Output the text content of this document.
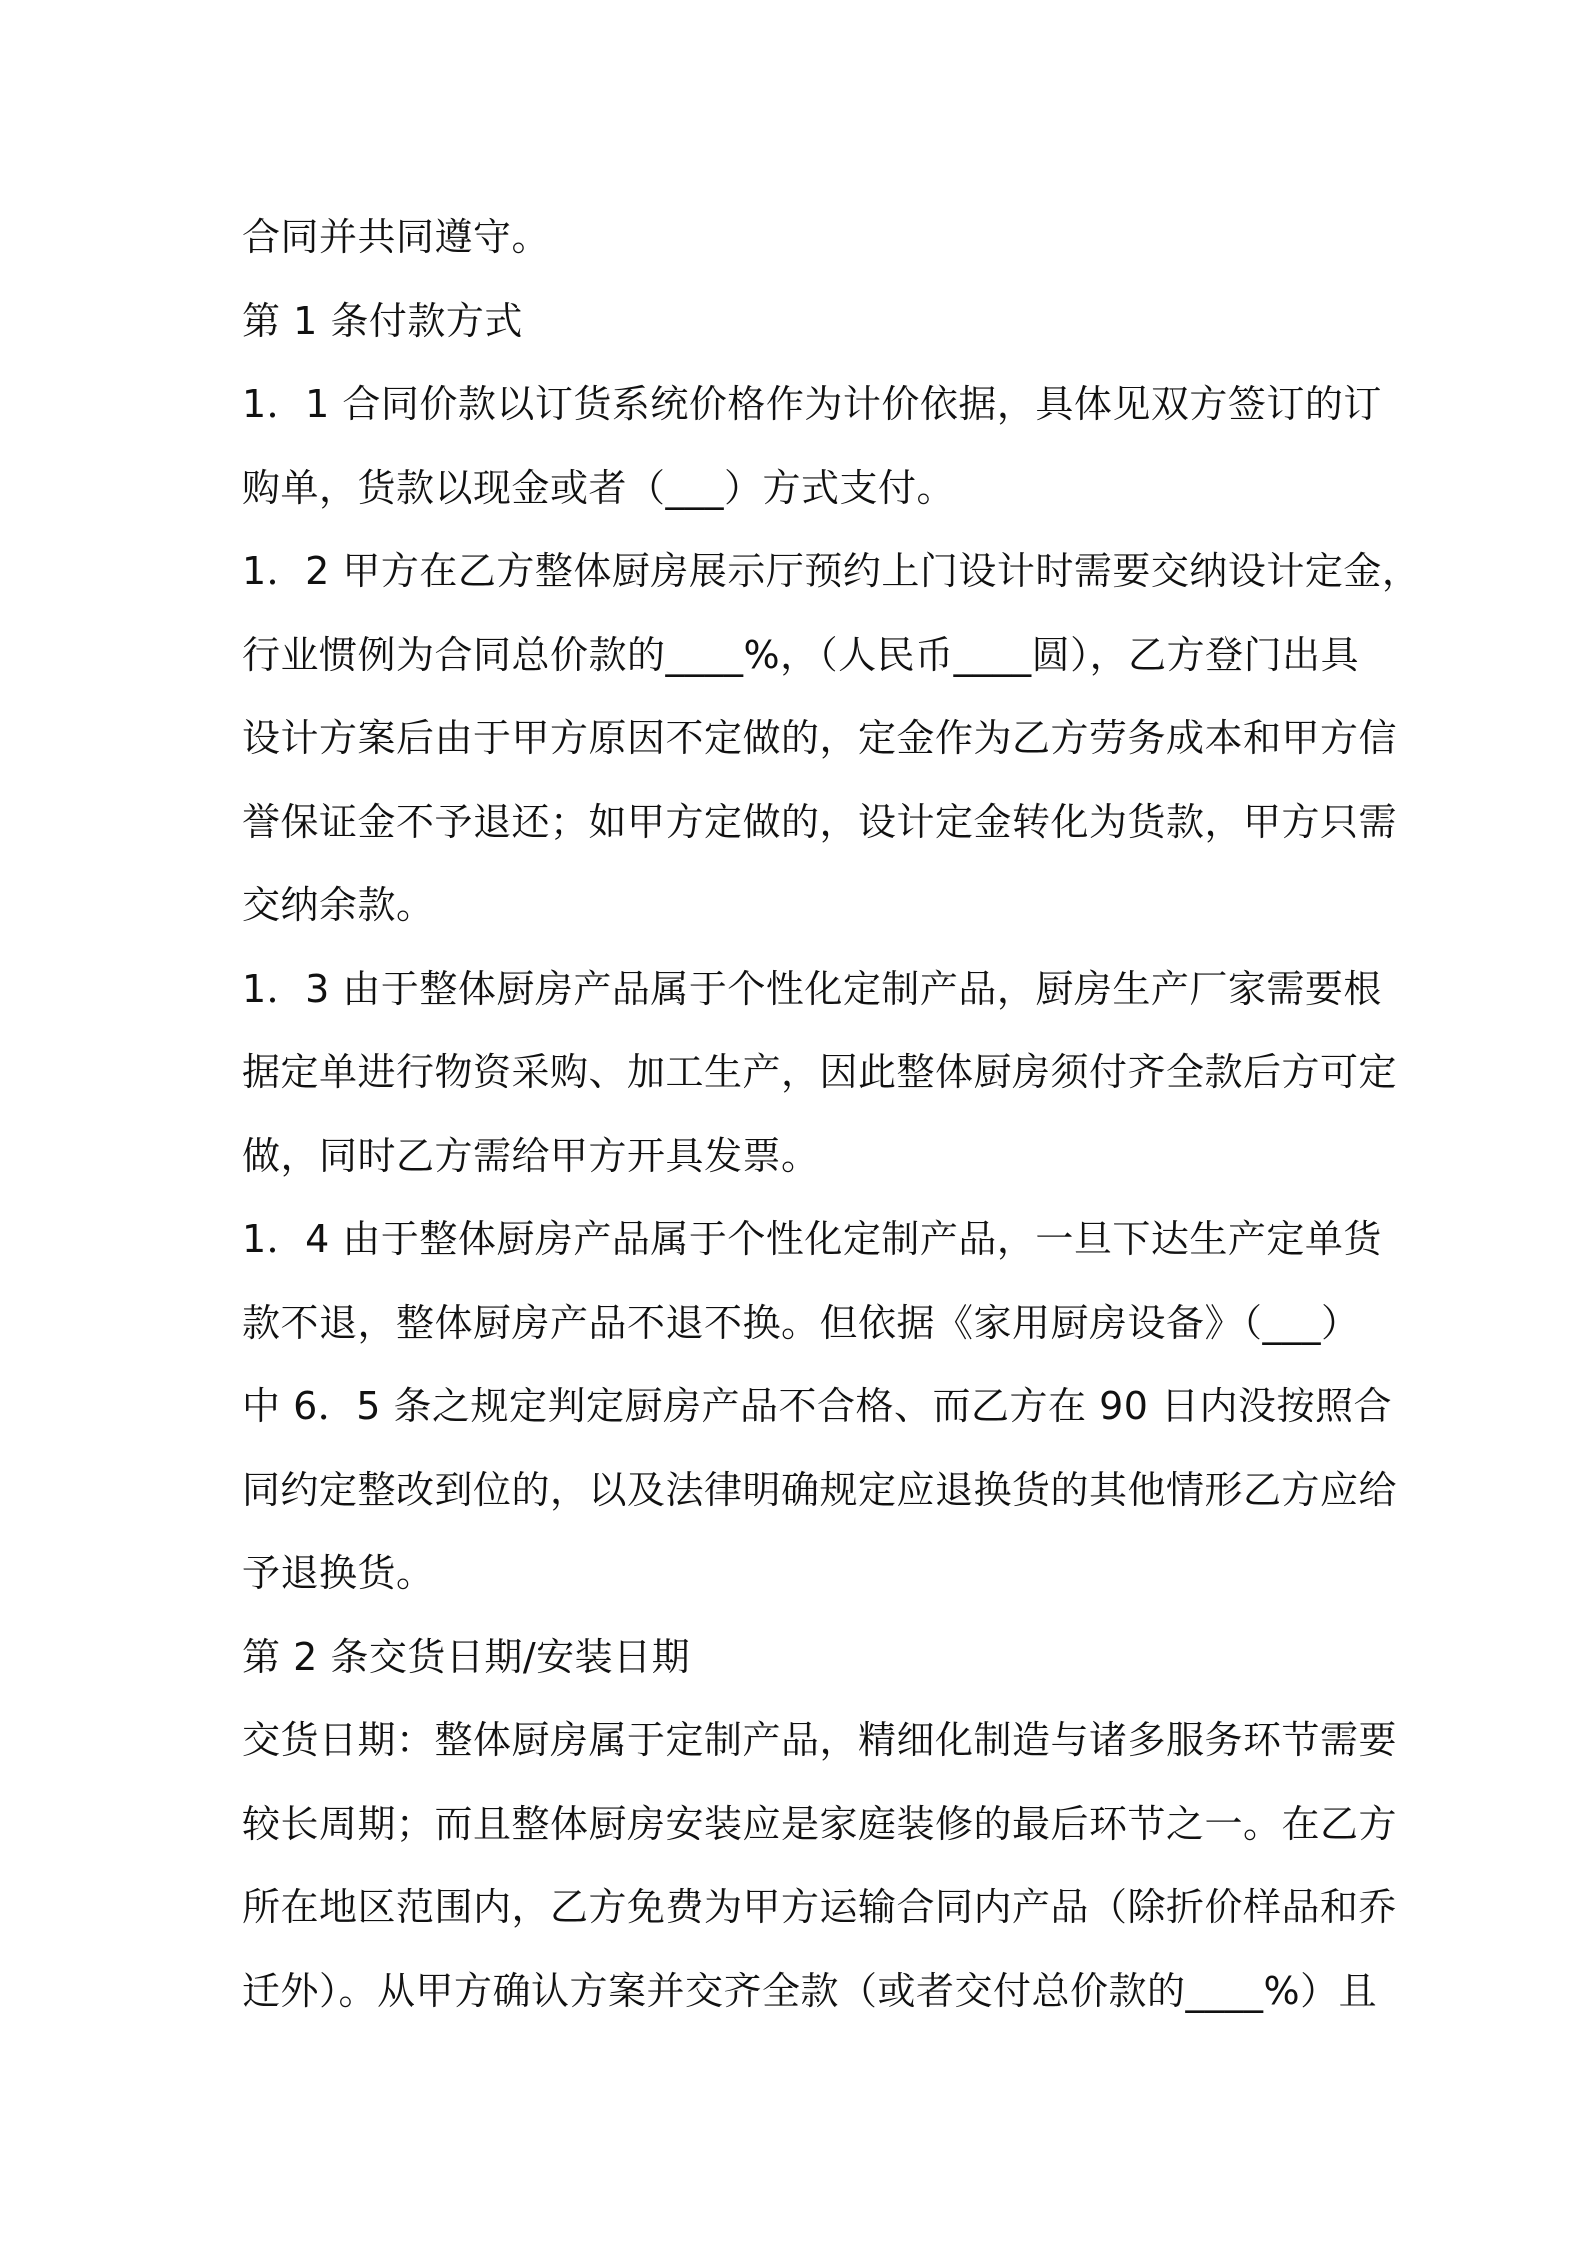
合同并共同遵守。
第 1 条付款方式
1．1 合同价款以订货系统价格作为计价依据，具体见双方签订的订
购单，货款以现金或者（___）方式支付。
1．2 甲方在乙方整体厨房展示厅预约上门设计时需要交纳设计定金，
行业惯例为合同总价款的____%，（人民币____圆），乙方登门出具
设计方案后由于甲方原因不定做的，定金作为乙方劳务成本和甲方信
誉保证金不予退还；如甲方定做的，设计定金转化为货款，甲方只需
交纳余款。
1．3 由于整体厨房产品属于个性化定制产品，厨房生产厂家需要根
据定单进行物资采购、加工生产，因此整体厨房须付齐全款后方可定
做，同时乙方需给甲方开具发票。
1．4 由于整体厨房产品属于个性化定制产品，一旦下达生产定单货
款不退，整体厨房产品不退不换。但依据《家用厨房设备》（___）
中 6．5 条之规定判定厨房产品不合格、而乙方在 90 日内没按照合
同约定整改到位的，以及法律明确规定应退换货的其他情形乙方应给
予退换货。
第 2 条交货日期/安装日期
交货日期：整体厨房属于定制产品，精细化制造与诸多服务环节需要
较长周期；而且整体厨房安装应是家庭装修的最后环节之一。在乙方
所在地区范围内，乙方免费为甲方运输合同内产品（除折价样品和乔
迁外）。从甲方确认方案并交齐全款（或者交付总价款的____%）且
